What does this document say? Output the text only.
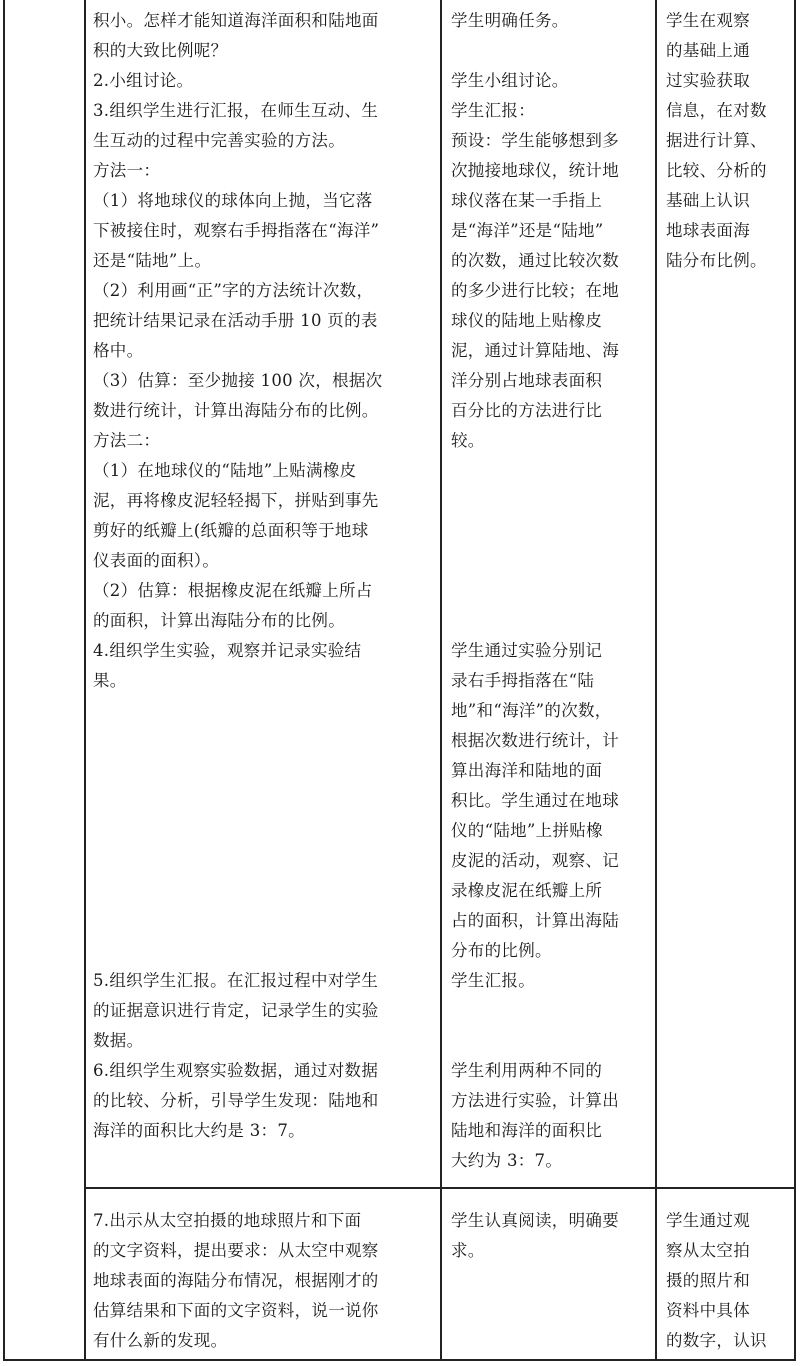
积小。怎样才能知道海洋面积和陆地面

积的大致比例呢？

2.小组讨论。

3.组织学生进行汇报，在师生互动、生

生互动的过程中完善实验的方法。

方法一：

（1）将地球仪的球体向上抛，当它落

下被接住时，观察右手拇指落在“海洋”

还是“陆地”上。

（2）利用画“正”字的方法统计次数，

把统计结果记录在活动手册 10 页的表

格中。

（3）估算：至少抛接 100 次，根据次

数进行统计，计算出海陆分布的比例。

方法二：

（1）在地球仪的“陆地”上贴满橡皮

泥，再将橡皮泥轻轻揭下，拼贴到事先

剪好的纸瓣上(纸瓣的总面积等于地球

仪表面的面积）。

（2）估算：根据橡皮泥在纸瓣上所占

的面积，计算出海陆分布的比例。

4.组织学生实验，观察并记录实验结

果。

5.组织学生汇报。在汇报过程中对学生

的证据意识进行肯定，记录学生的实验

数据。

6.组织学生观察实验数据，通过对数据

的比较、分析，引导学生发现：陆地和

海洋的面积比大约是 3：7。

7.出示从太空拍摄的地球照片和下面

的文字资料，提出要求：从太空中观察

地球表面的海陆分布情况，根据刚才的

估算结果和下面的文字资料，说一说你

有什么新的发现。

学生明确任务。

学生小组讨论。

学生汇报：

预设：学生能够想到多

次抛接地球仪，统计地

球仪落在某一手指上

是“海洋”还是“陆地”

的次数，通过比较次数

的多少进行比较；在地

球仪的陆地上贴橡皮

泥，通过计算陆地、海

洋分别占地球表面积

百分比的方法进行比

较。

学生通过实验分别记

录右手拇指落在“陆

地”和“海洋”的次数，

根据次数进行统计，计

算出海洋和陆地的面

积比。学生通过在地球

仪的“陆地”上拼贴橡

皮泥的活动，观察、记

录橡皮泥在纸瓣上所

占的面积，计算出海陆

分布的比例。

学生汇报。

学生利用两种不同的

方法进行实验，计算出

陆地和海洋的面积比

大约为 3：7。

学生认真阅读，明确要

求。

学生在观察

的基础上通

过实验获取

信息，在对数

据进行计算、

比较、分析的

基础上认识

地球表面海

陆分布比例。

学生通过观

察从太空拍

摄的照片和

资料中具体

的数字，认识
